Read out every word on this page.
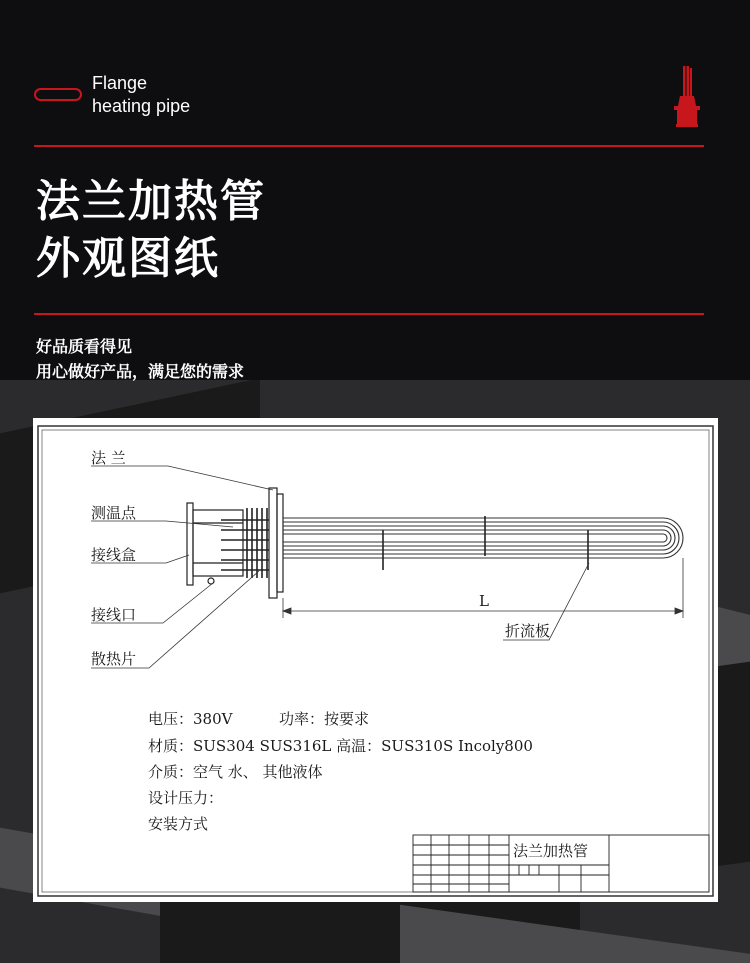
Flange
heating pipe
法兰加热管
外观图纸
好品质看得见
用心做好产品，满足您的需求
L
法 兰
测温点
接线盒
接线口
散热片
折流板
电压：380V	功率：按要求
材质：SUS304 SUS316L 高温：SUS310S Incoly800
介质：空气 水、 其他液体
设计压力：
安装方式
法兰加热管
